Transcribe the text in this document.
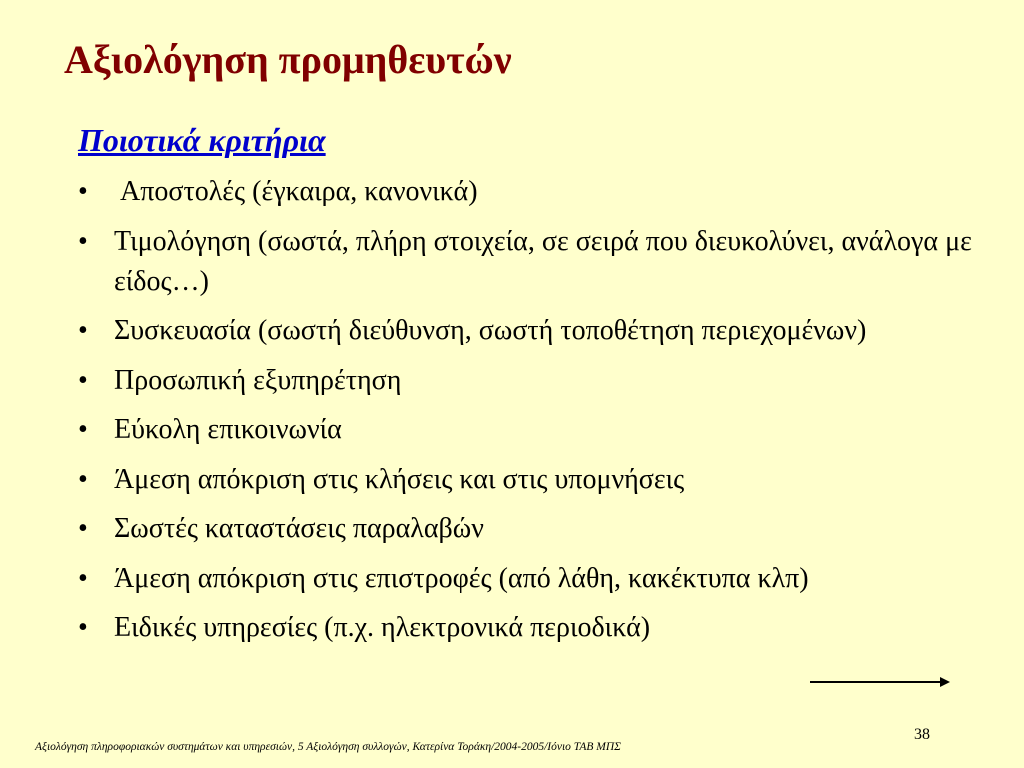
Αξιολόγηση προμηθευτών
Ποιοτικά κριτήρια
•	Αποστολές (έγκαιρα, κανονικά)
• Τιμολόγηση (σωστά, πλήρη στοιχεία, σε σειρά που διευκολύνει, ανάλογα με είδος…)
• Συσκευασία (σωστή διεύθυνση, σωστή τοποθέτηση περιεχομένων)
• Προσωπική εξυπηρέτηση
• Εύκολη επικοινωνία
• Άμεση απόκριση στις κλήσεις και στις υπομνήσεις
• Σωστές καταστάσεις παραλαβών
• Άμεση απόκριση στις επιστροφές (από λάθη, κακέκτυπα κλπ)
• Ειδικές υπηρεσίες (π.χ. ηλεκτρονικά περιοδικά)
38
Αξιολόγηση πληροφοριακών συστημάτων και υπηρεσιών, 5 Αξιολόγηση συλλογών, Κατερίνα Τοράκη/2004-2005/Ιόνιο ΤΑΒ ΜΠΣ
